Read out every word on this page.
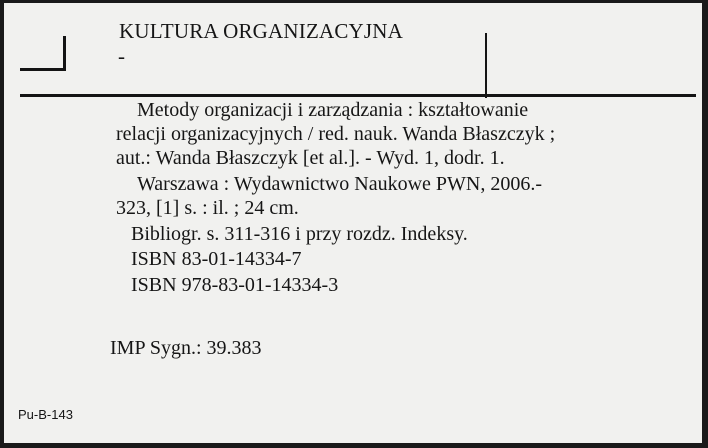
KULTURA ORGANIZACYJNA
-
Metody organizacji i zarządzania : kształtowanie
relacji organizacyjnych / red. nauk. Wanda Błaszczyk ;
aut.: Wanda Błaszczyk [et al.]. - Wyd. 1, dodr. 1.
Warszawa : Wydawnictwo Naukowe PWN, 2006.-
323, [1] s. : il. ; 24 cm.
Bibliogr. s. 311-316 i przy rozdz. Indeksy.
ISBN 83-01-14334-7
ISBN 978-83-01-14334-3
IMP Sygn.: 39.383
Pu-B-143
